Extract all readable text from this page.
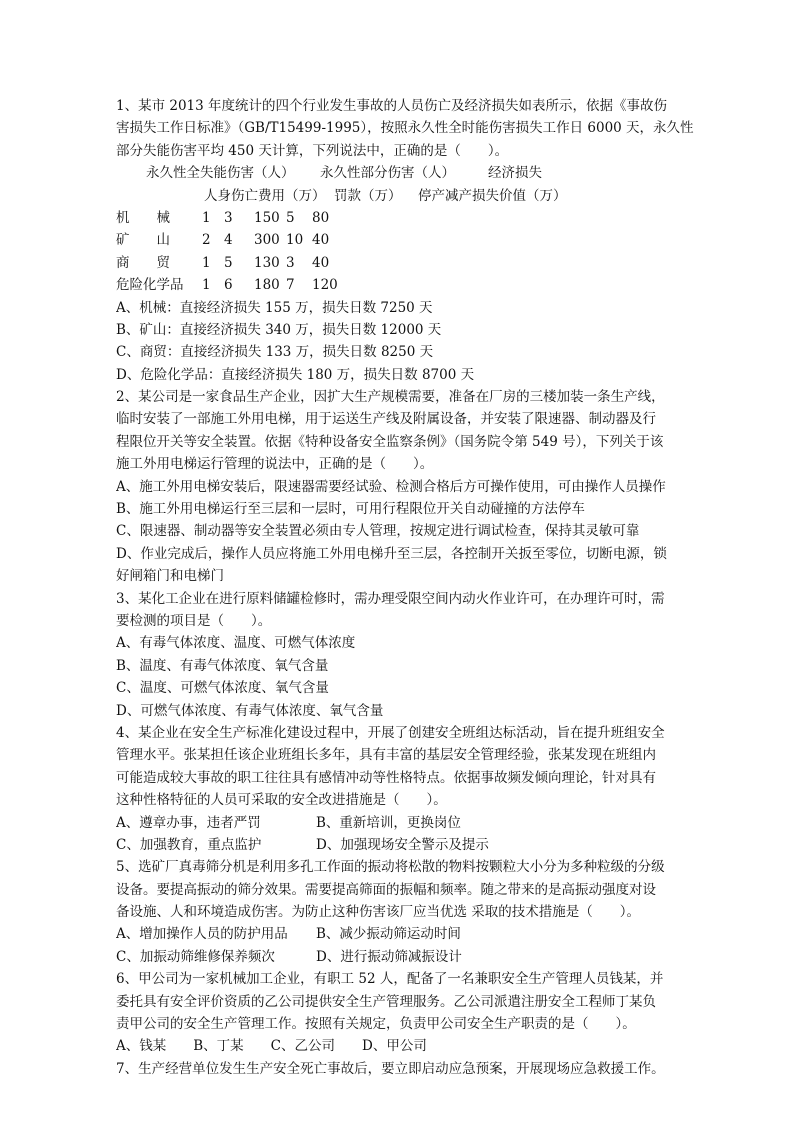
1、某市 2013 年度统计的四个行业发生事故的人员伤亡及经济损失如表所示，依据《事故伤
害损失工作日标准》（GB/T15499-1995），按照永久性全时能伤害损失工作日 6000 天，永久性
部分失能伤害平均 450 天计算，下列说法中，正确的是（　　）。
永久性全失能伤害（人） 永久性部分伤害（人） 经济损失
人身伤亡费用（万） 罚款（万） 停产减产损失价值（万）
机　　械 1 3 150 5 80
矿　　山 2 4 300 10 40
商　　贸 1 5 130 3 40
危险化学品 1 6 180 7 120
A、机械：直接经济损失 155 万，损失日数 7250 天
B、矿山：直接经济损失 340 万，损失日数 12000 天
C、商贸：直接经济损失 133 万，损失日数 8250 天
D、危险化学品：直接经济损失 180 万，损失日数 8700 天
2、某公司是一家食品生产企业，因扩大生产规模需要，准备在厂房的三楼加装一条生产线，
临时安装了一部施工外用电梯，用于运送生产线及附属设备，并安装了限速器、制动器及行
程限位开关等安全装置。依据《特种设备安全监察条例》（国务院令第 549 号），下列关于该
施工外用电梯运行管理的说法中，正确的是（　　）。
A、施工外用电梯安装后，限速器需要经试验、检测合格后方可操作使用，可由操作人员操作
B、施工外用电梯运行至三层和一层时，可用行程限位开关自动碰撞的方法停车
C、限速器、制动器等安全装置必须由专人管理，按规定进行调试检查，保持其灵敏可靠
D、作业完成后，操作人员应将施工外用电梯升至三层，各控制开关扳至零位，切断电源，锁
好闸箱门和电梯门
3、某化工企业在进行原料储罐检修时，需办理受限空间内动火作业许可，在办理许可时，需
要检测的项目是（　　）。
A、有毒气体浓度、温度、可燃气体浓度
B、温度、有毒气体浓度、氧气含量
C、温度、可燃气体浓度、氧气含量
D、可燃气体浓度、有毒气体浓度、氧气含量
4、某企业在安全生产标准化建设过程中，开展了创建安全班组达标活动，旨在提升班组安全
管理水平。张某担任该企业班组长多年，具有丰富的基层安全管理经验，张某发现在班组内
可能造成较大事故的职工往往具有感情冲动等性格特点。依据事故频发倾向理论，针对具有
这种性格特征的人员可采取的安全改进措施是（　　）。
A、遵章办事，违者严罚	B、重新培训，更换岗位
C、加强教育，重点监护	D、加强现场安全警示及提示
5、选矿厂真毒筛分机是利用多孔工作面的振动将松散的物料按颗粒大小分为多种粒级的分级
设备。要提高振动的筛分效果。需要提高筛面的振幅和频率。随之带来的是高振动强度对设
备设施、人和环境造成伤害。为防止这种伤害该厂应当优选 采取的技术措施是（　　）。
A、增加操作人员的防护用品 B、减少振动筛运动时间
C、加振动筛维修保养频次	D、进行振动筛减振设计
6、甲公司为一家机械加工企业，有职工 52 人，配备了一名兼职安全生产管理人员钱某，并
委托具有安全评价资质的乙公司提供安全生产管理服务。乙公司派遣注册安全工程师丁某负
责甲公司的安全生产管理工作。按照有关规定，负责甲公司安全生产职责的是（　　）。
A、钱某　　B、丁某　　C、乙公司　　D、甲公司
7、生产经营单位发生生产安全死亡事故后，要立即启动应急预案，开展现场应急救援工作。
